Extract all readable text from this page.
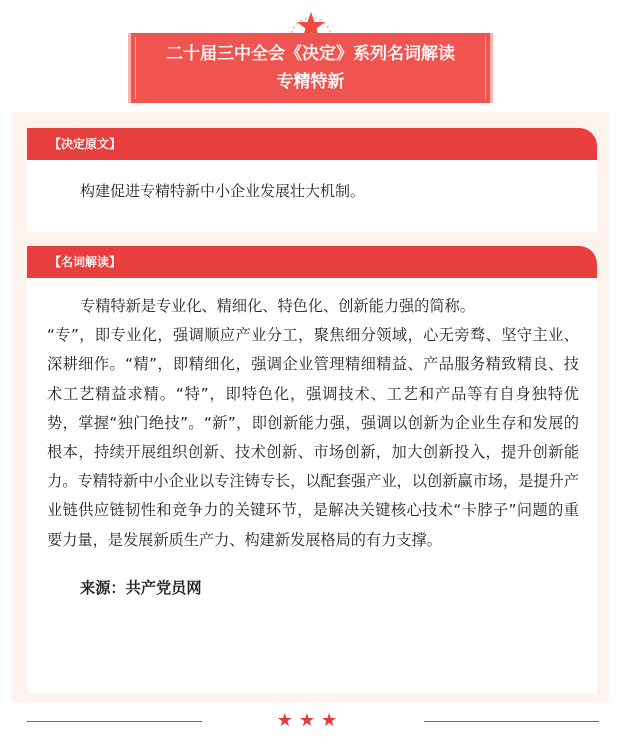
二十届三中全会《决定》系列名词解读
专精特新
【决定原文】

构建促进专精特新中小企业发展壮大机制。

【名词解读】

专精特新是专业化、精细化、特色化、创新能力强的简称。

“专”，即专业化，强调顺应产业分工，聚焦细分领域，心无旁骛、坚守主业、深耕细作。“精”，即精细化，强调企业管理精细精益、产品服务精致精良、技术工艺精益求精。“特”，即特色化，强调技术、工艺和产品等有自身独特优势，掌握“独门绝技”。“新”，即创新能力强，强调以创新为企业生存和发展的根本，持续开展组织创新、技术创新、市场创新，加大创新投入，提升创新能力。专精特新中小企业以专注铸专长，以配套强产业，以创新赢市场，是提升产业链供应链韧性和竞争力的关键环节，是解决关键核心技术“卡脖子”问题的重要力量，是发展新质生产力、构建新发展格局的有力支撑。

来源：共产党员网

★★★
